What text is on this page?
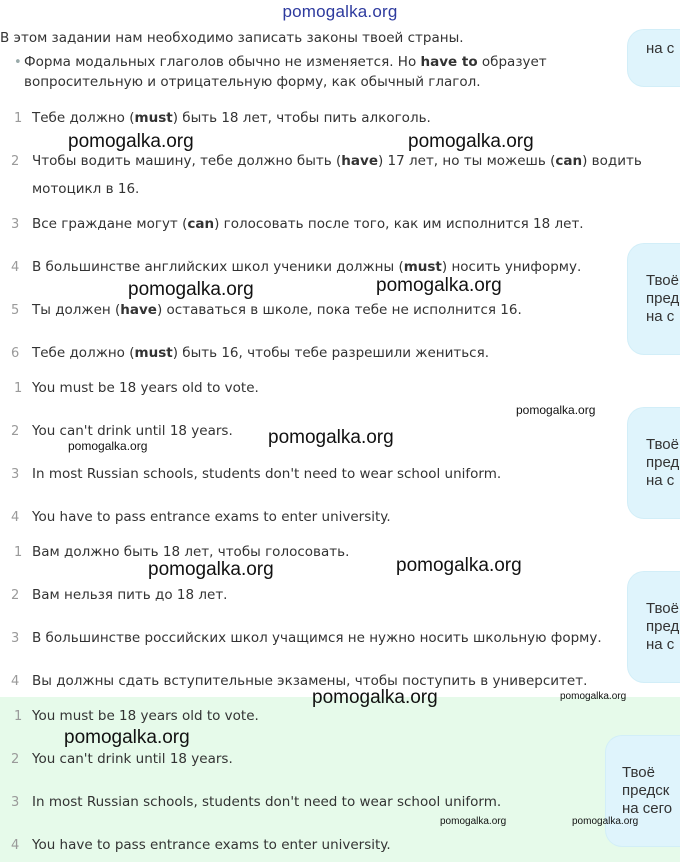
pomogalka.org
В этом задании нам необходимо записать законы твоей страны.
• Форма модальных глаголов обычно не изменяется. Но have to образует вопросительную и отрицательную форму, как обычный глагол.
1 Тебе должно (must) быть 18 лет, чтобы пить алкоголь.
2 Чтобы водить машину, тебе должно быть (have) 17 лет, но ты можешь (can) водить мотоцикл в 16.
3 Все граждане могут (can) голосовать после того, как им исполнится 18 лет.
4 В большинстве английских школ ученики должны (must) носить униформу.
5 Ты должен (have) оставаться в школе, пока тебе не исполнится 16.
6 Тебе должно (must) быть 16, чтобы тебе разрешили жениться.
1 You must be 18 years old to vote.
2 You can't drink until 18 years.
3 In most Russian schools, students don't need to wear school uniform.
4 You have to pass entrance exams to enter university.
1 Вам должно быть 18 лет, чтобы голосовать.
2 Вам нельзя пить до 18 лет.
3 В большинстве российских школ учащимся не нужно носить школьную форму.
4 Вы должны сдать вступительные экзамены, чтобы поступить в университет.
1 You must be 18 years old to vote.
2 You can't drink until 18 years.
3 In most Russian schools, students don't need to wear school uniform.
4 You have to pass entrance exams to enter university.
на с
Твоё
пред
на с
Твоё
пред
на с
Твоё
пред
на с
Твоё
предск
на сего
pomogalka.org	pomogalka.org
pomogalka.org	pomogalka.org
pomogalka.org
pomogalka.org	pomogalka.org
pomogalka.org	pomogalka.org
pomogalka.org	pomogalka.org
pomogalka.org
pomogalka.org	pomogalka.org
